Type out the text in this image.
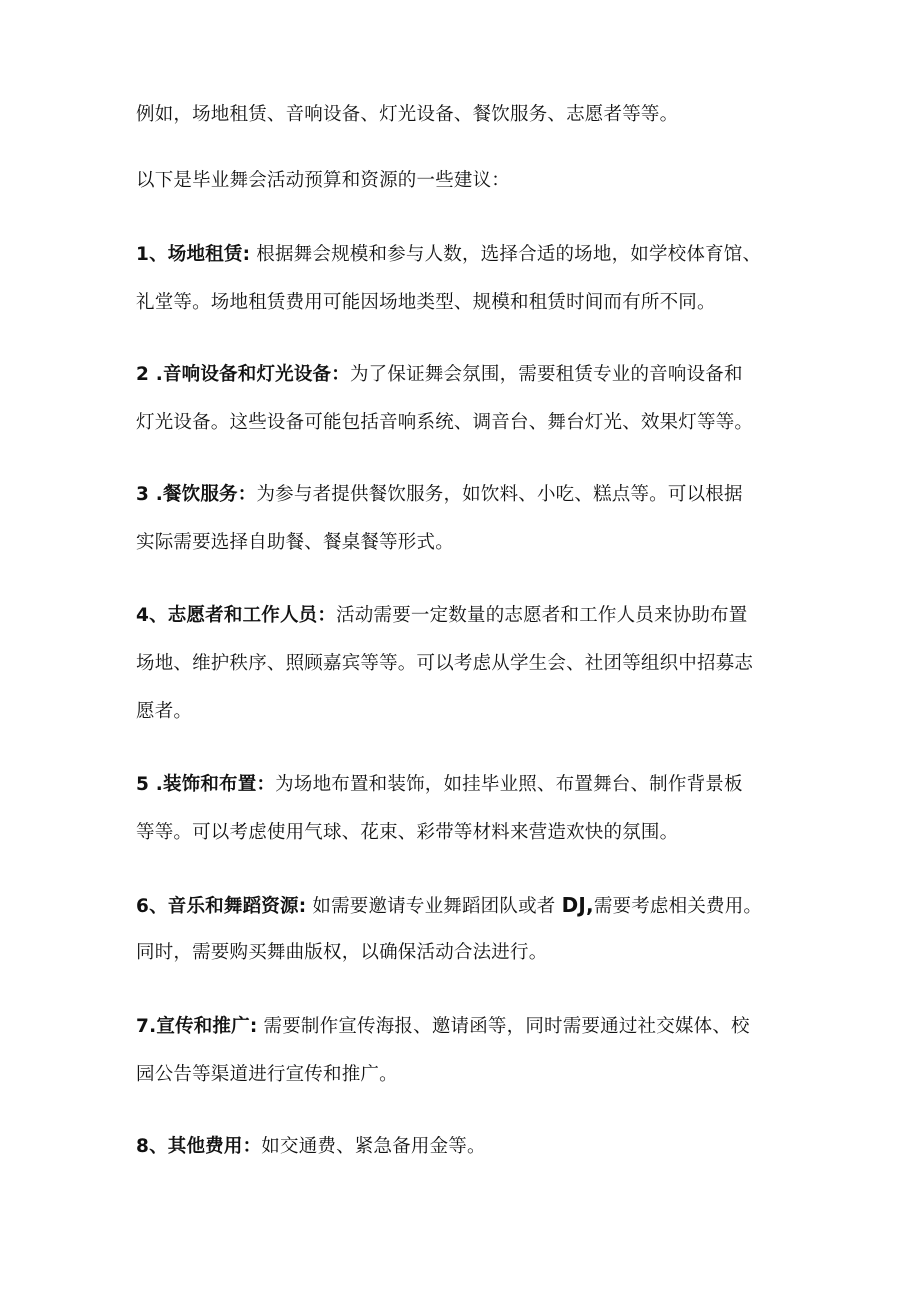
例如，场地租赁、音响设备、灯光设备、餐饮服务、志愿者等等。
以下是毕业舞会活动预算和资源的一些建议：
1、场地租赁: 根据舞会规模和参与人数，选择合适的场地，如学校体育馆、
礼堂等。场地租赁费用可能因场地类型、规模和租赁时间而有所不同。
2 .音响设备和灯光设备：为了保证舞会氛围，需要租赁专业的音响设备和
灯光设备。这些设备可能包括音响系统、调音台、舞台灯光、效果灯等等。
3 .餐饮服务：为参与者提供餐饮服务，如饮料、小吃、糕点等。可以根据
实际需要选择自助餐、餐桌餐等形式。
4、志愿者和工作人员：活动需要一定数量的志愿者和工作人员来协助布置
场地、维护秩序、照顾嘉宾等等。可以考虑从学生会、社团等组织中招募志
愿者。
5 .装饰和布置：为场地布置和装饰，如挂毕业照、布置舞台、制作背景板
等等。可以考虑使用气球、花束、彩带等材料来营造欢快的氛围。
6、音乐和舞蹈资源: 如需要邀请专业舞蹈团队或者 DJ,需要考虑相关费用。
同时，需要购买舞曲版权，以确保活动合法进行。
7.宣传和推广: 需要制作宣传海报、邀请函等，同时需要通过社交媒体、校
园公告等渠道进行宣传和推广。
8、其他费用：如交通费、紧急备用金等。
